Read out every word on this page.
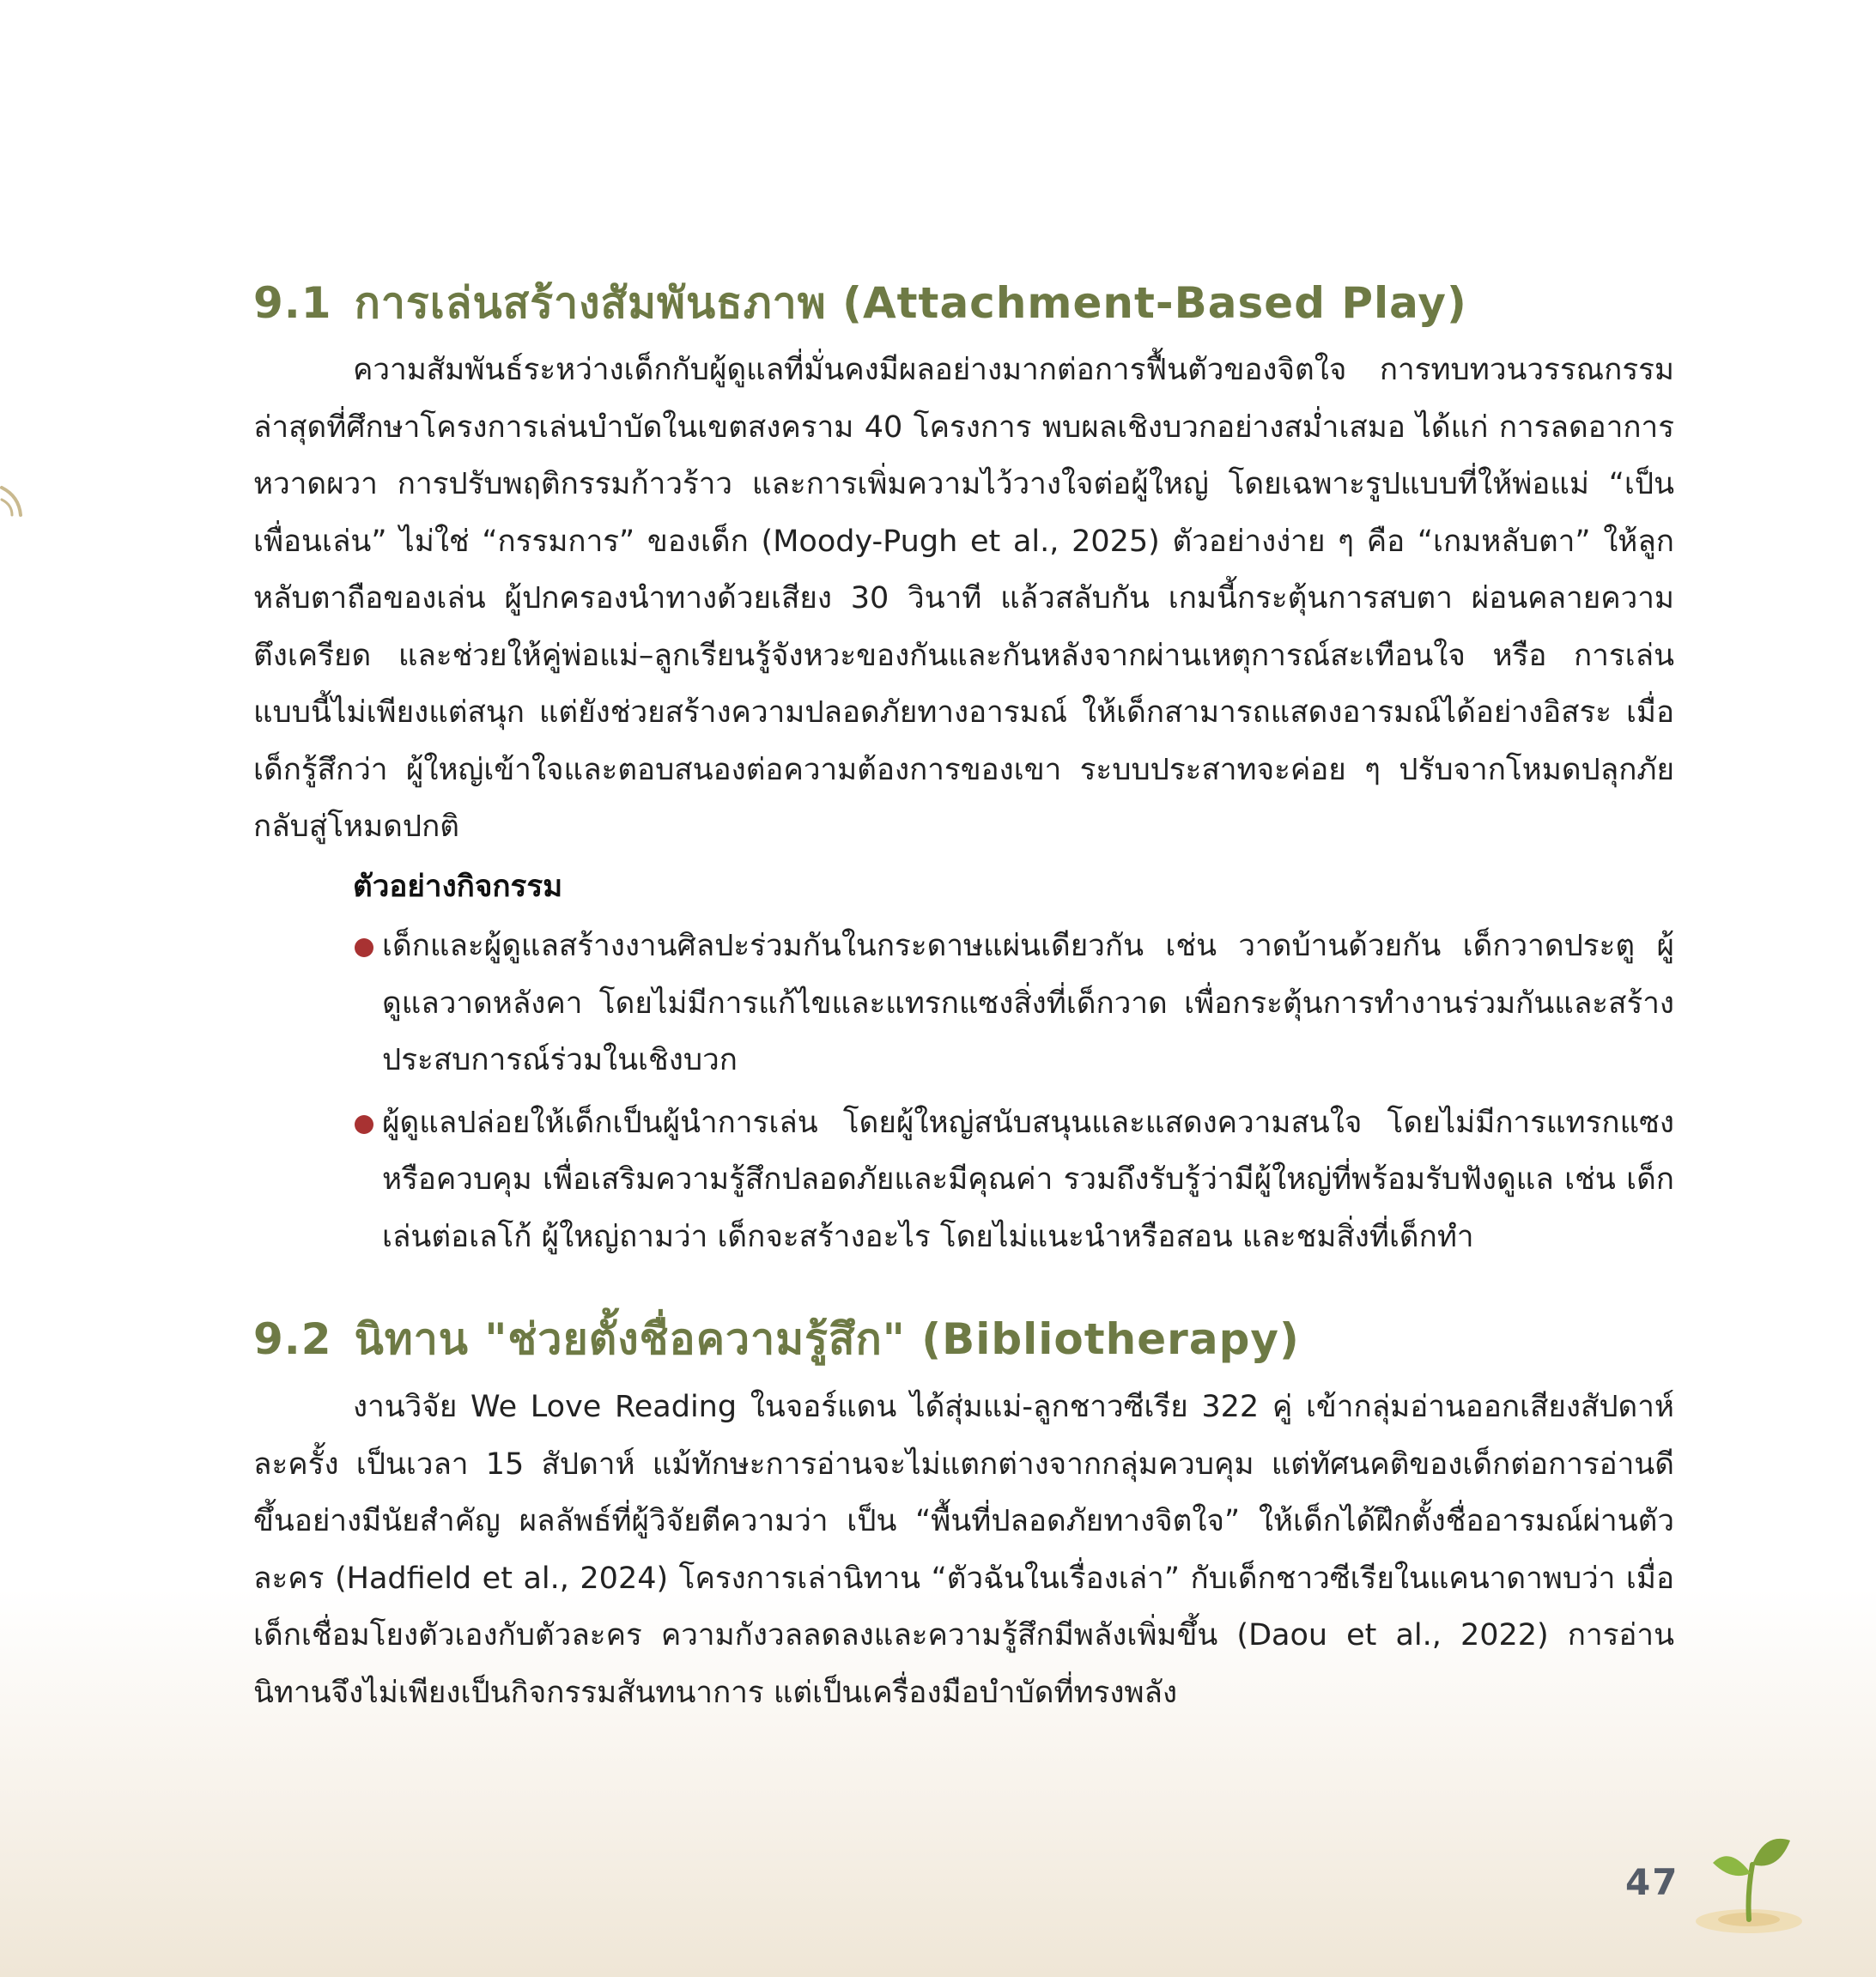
9.1 การเล่นสร้างสัมพันธภาพ (Attachment-Based Play)

ความสัมพันธ์ระหว่างเด็กกับผู้ดูแลที่มั่นคงมีผลอย่างมากต่อการฟื้นตัวของจิตใจ การทบทวนวรรณกรรมล่าสุดที่ศึกษาโครงการเล่นบำบัดในเขตสงคราม 40 โครงการ พบผลเชิงบวกอย่างสม่ำเสมอ ได้แก่ การลดอาการหวาดผวา การปรับพฤติกรรมก้าวร้าว และการเพิ่มความไว้วางใจต่อผู้ใหญ่ โดยเฉพาะรูปแบบที่ให้พ่อแม่ “เป็นเพื่อนเล่น” ไม่ใช่ “กรรมการ” ของเด็ก (Moody-Pugh et al., 2025) ตัวอย่างง่าย ๆ คือ “เกมหลับตา” ให้ลูกหลับตาถือของเล่น ผู้ปกครองนำทางด้วยเสียง 30 วินาที แล้วสลับกัน เกมนี้กระตุ้นการสบตา ผ่อนคลายความตึงเครียด และช่วยให้คู่พ่อแม่–ลูกเรียนรู้จังหวะของกันและกันหลังจากผ่านเหตุการณ์สะเทือนใจ หรือ การเล่นแบบนี้ไม่เพียงแต่สนุก แต่ยังช่วยสร้างความปลอดภัยทางอารมณ์ ให้เด็กสามารถแสดงอารมณ์ได้อย่างอิสระ เมื่อเด็กรู้สึกว่า ผู้ใหญ่เข้าใจและตอบสนองต่อความต้องการของเขา ระบบประสาทจะค่อย ๆ ปรับจากโหมดปลุกภัยกลับสู่โหมดปกติ

ตัวอย่างกิจกรรม
เด็กและผู้ดูแลสร้างงานศิลปะร่วมกันในกระดาษแผ่นเดียวกัน เช่น วาดบ้านด้วยกัน เด็กวาดประตู ผู้ดูแลวาดหลังคา โดยไม่มีการแก้ไขและแทรกแซงสิ่งที่เด็กวาด เพื่อกระตุ้นการทำงานร่วมกันและสร้างประสบการณ์ร่วมในเชิงบวก
ผู้ดูแลปล่อยให้เด็กเป็นผู้นำการเล่น โดยผู้ใหญ่สนับสนุนและแสดงความสนใจ โดยไม่มีการแทรกแซงหรือควบคุม เพื่อเสริมความรู้สึกปลอดภัยและมีคุณค่า รวมถึงรับรู้ว่ามีผู้ใหญ่ที่พร้อมรับฟังดูแล เช่น เด็กเล่นต่อเลโก้ ผู้ใหญ่ถามว่า เด็กจะสร้างอะไร โดยไม่แนะนำหรือสอน และชมสิ่งที่เด็กทำ
9.2 นิทาน "ช่วยตั้งชื่อความรู้สึก" (Bibliotherapy)

งานวิจัย We Love Reading ในจอร์แดน ได้สุ่มแม่-ลูกชาวซีเรีย 322 คู่ เข้ากลุ่มอ่านออกเสียงสัปดาห์ละครั้ง เป็นเวลา 15 สัปดาห์ แม้ทักษะการอ่านจะไม่แตกต่างจากกลุ่มควบคุม แต่ทัศนคติของเด็กต่อการอ่านดีขึ้นอย่างมีนัยสำคัญ ผลลัพธ์ที่ผู้วิจัยตีความว่า เป็น “พื้นที่ปลอดภัยทางจิตใจ” ให้เด็กได้ฝึกตั้งชื่ออารมณ์ผ่านตัวละคร (Hadfield et al., 2024) โครงการเล่านิทาน “ตัวฉันในเรื่องเล่า” กับเด็กชาวซีเรียในแคนาดาพบว่า เมื่อเด็กเชื่อมโยงตัวเองกับตัวละคร ความกังวลลดลงและความรู้สึกมีพลังเพิ่มขึ้น (Daou et al., 2022) การอ่านนิทานจึงไม่เพียงเป็นกิจกรรมสันทนาการ แต่เป็นเครื่องมือบำบัดที่ทรงพลัง

47
